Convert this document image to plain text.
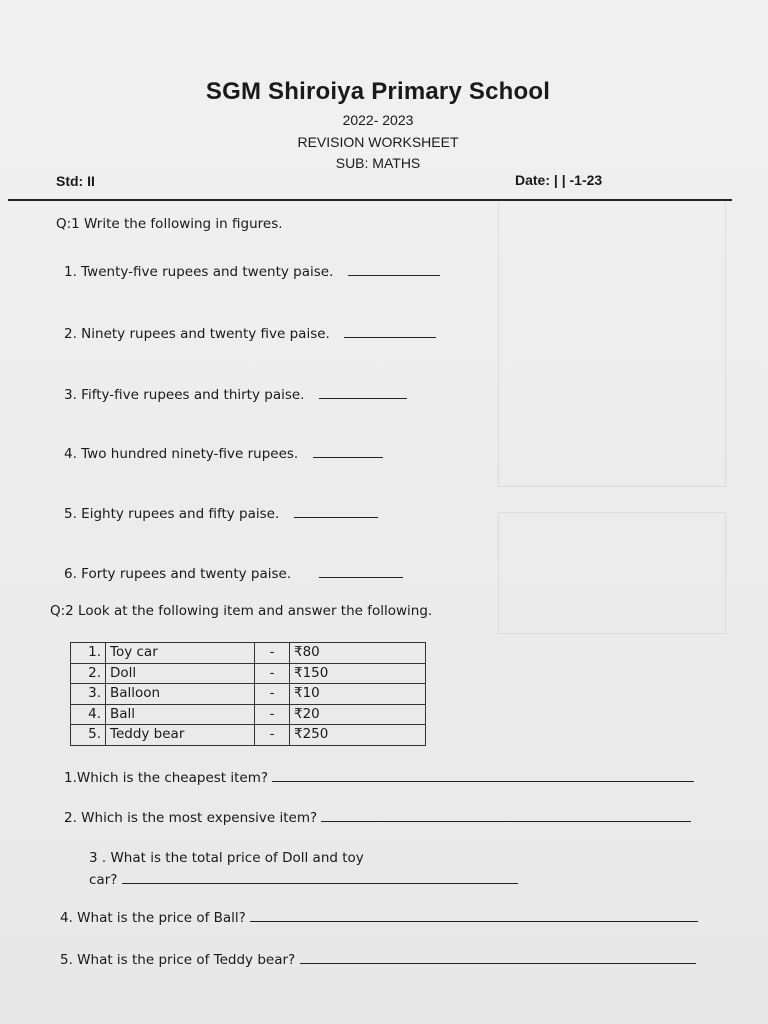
SGM Shiroiya Primary School
2022- 2023
REVISION WORKSHEET
SUB: MATHS
Std: II	Date: | | -1-23
Q:1 Write the following in figures.
1. Twenty-five rupees and twenty paise.
2. Ninety rupees and twenty five paise.
3. Fifty-five rupees and thirty paise.
4. Two hundred ninety-five rupees.
5. Eighty rupees and fifty paise.
6. Forty rupees and twenty paise.
Q:2 Look at the following item and answer the following.
1.	Toy car	-	₹80
2.	Doll	-	₹150
3.	Balloon	-	₹10
4.	Ball	-	₹20
5.	Teddy bear	-	₹250
1.Which is the cheapest item?
2. Which is the most expensive item?
3 . What is the total price of Doll and toy
car?
4. What is the price of Ball?
5. What is the price of Teddy bear?
